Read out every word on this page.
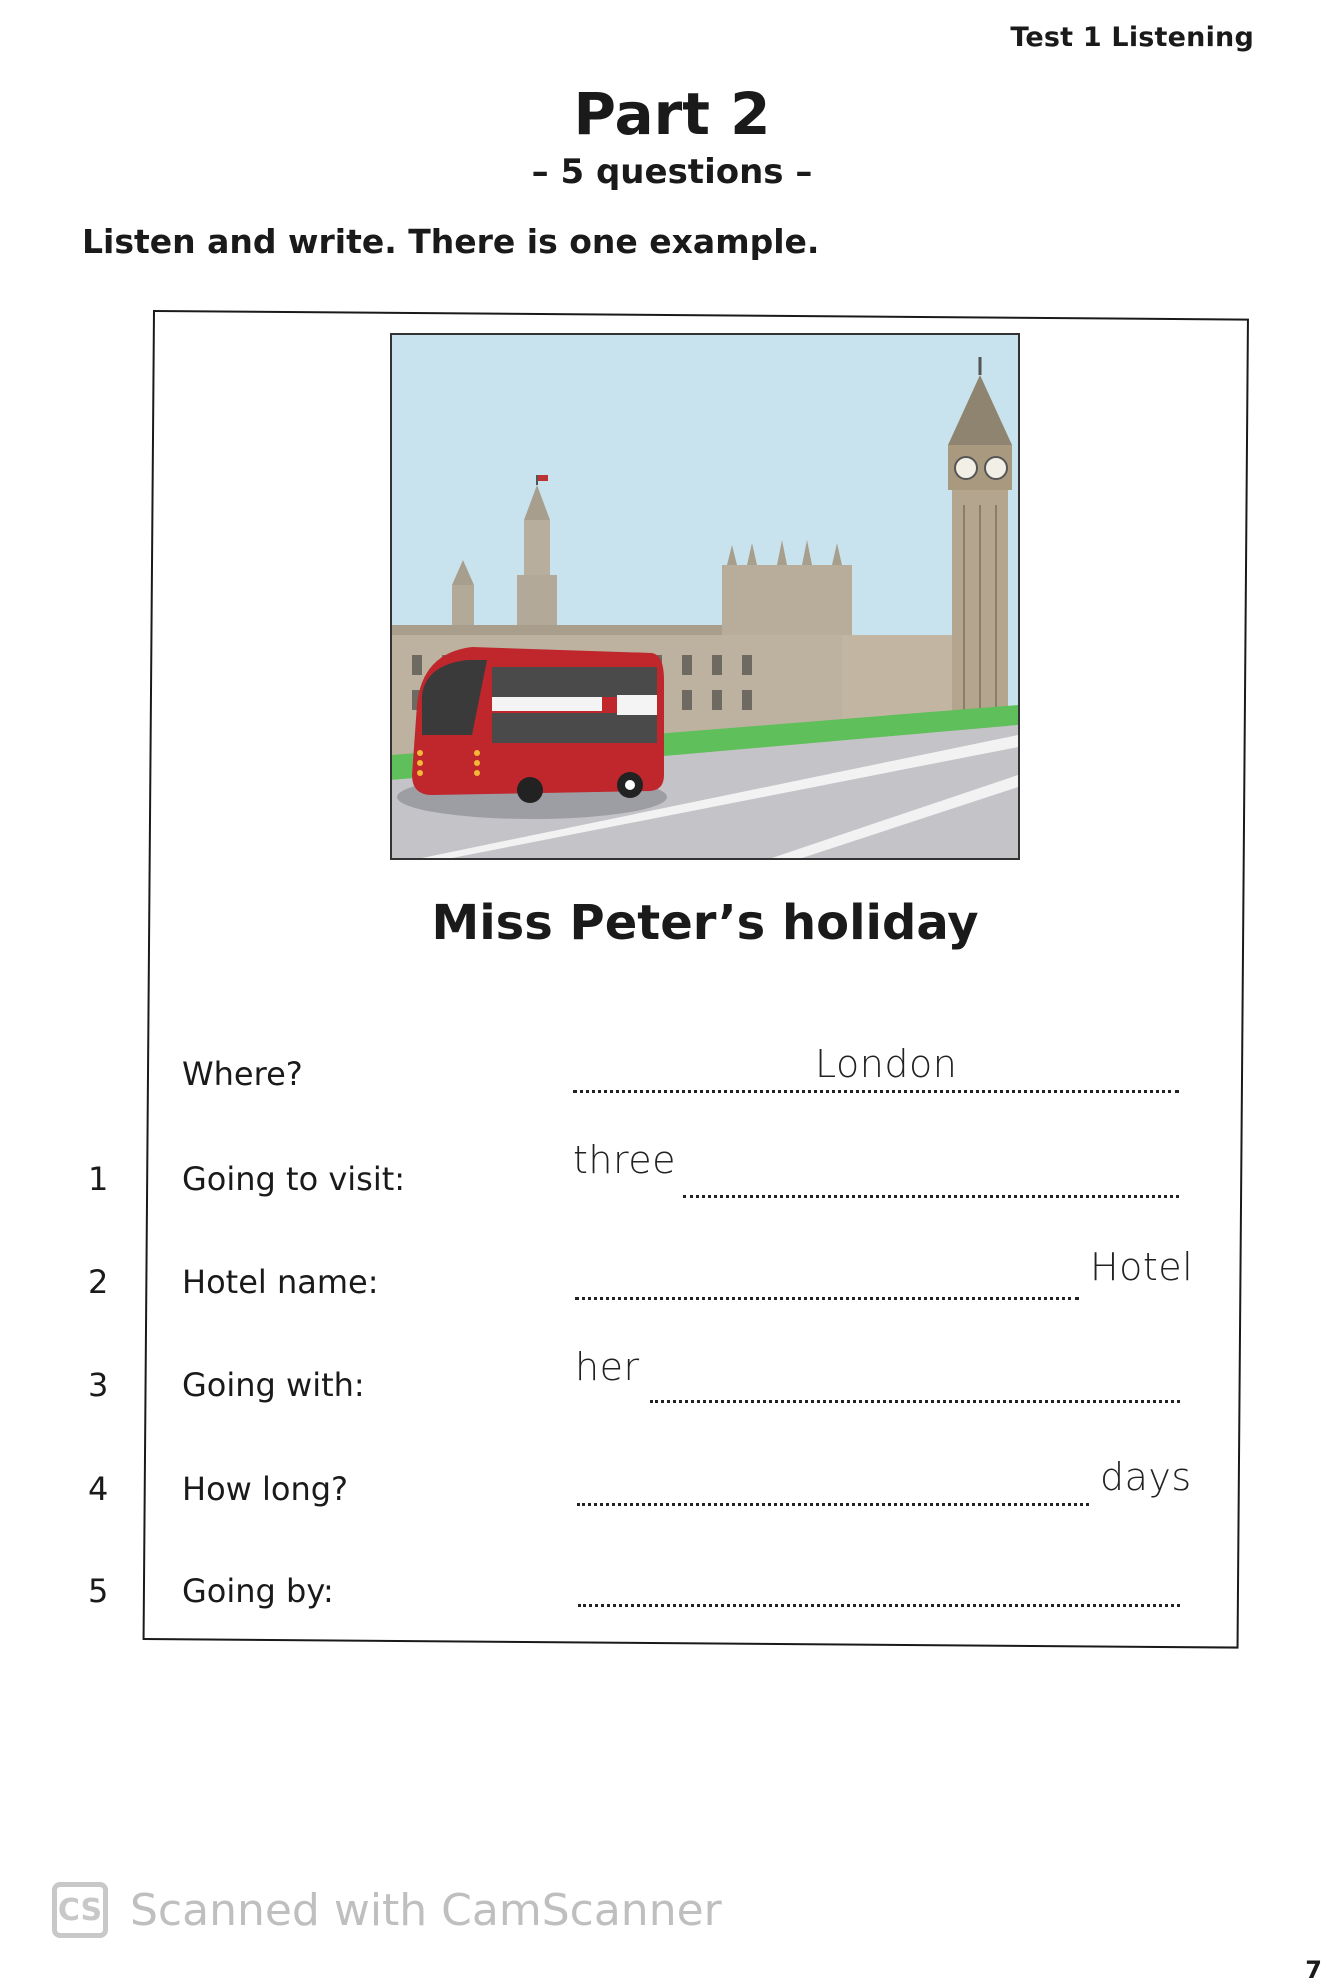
Test 1 Listening
Part 2
– 5 questions –
Listen and write. There is one example.
Miss Peter’s holiday
Where?	London
1 Going to visit:	three
2 Hotel name:	Hotel
3 Going with:	her
4 How long?	days
5 Going by:
CS Scanned with CamScanner
7
